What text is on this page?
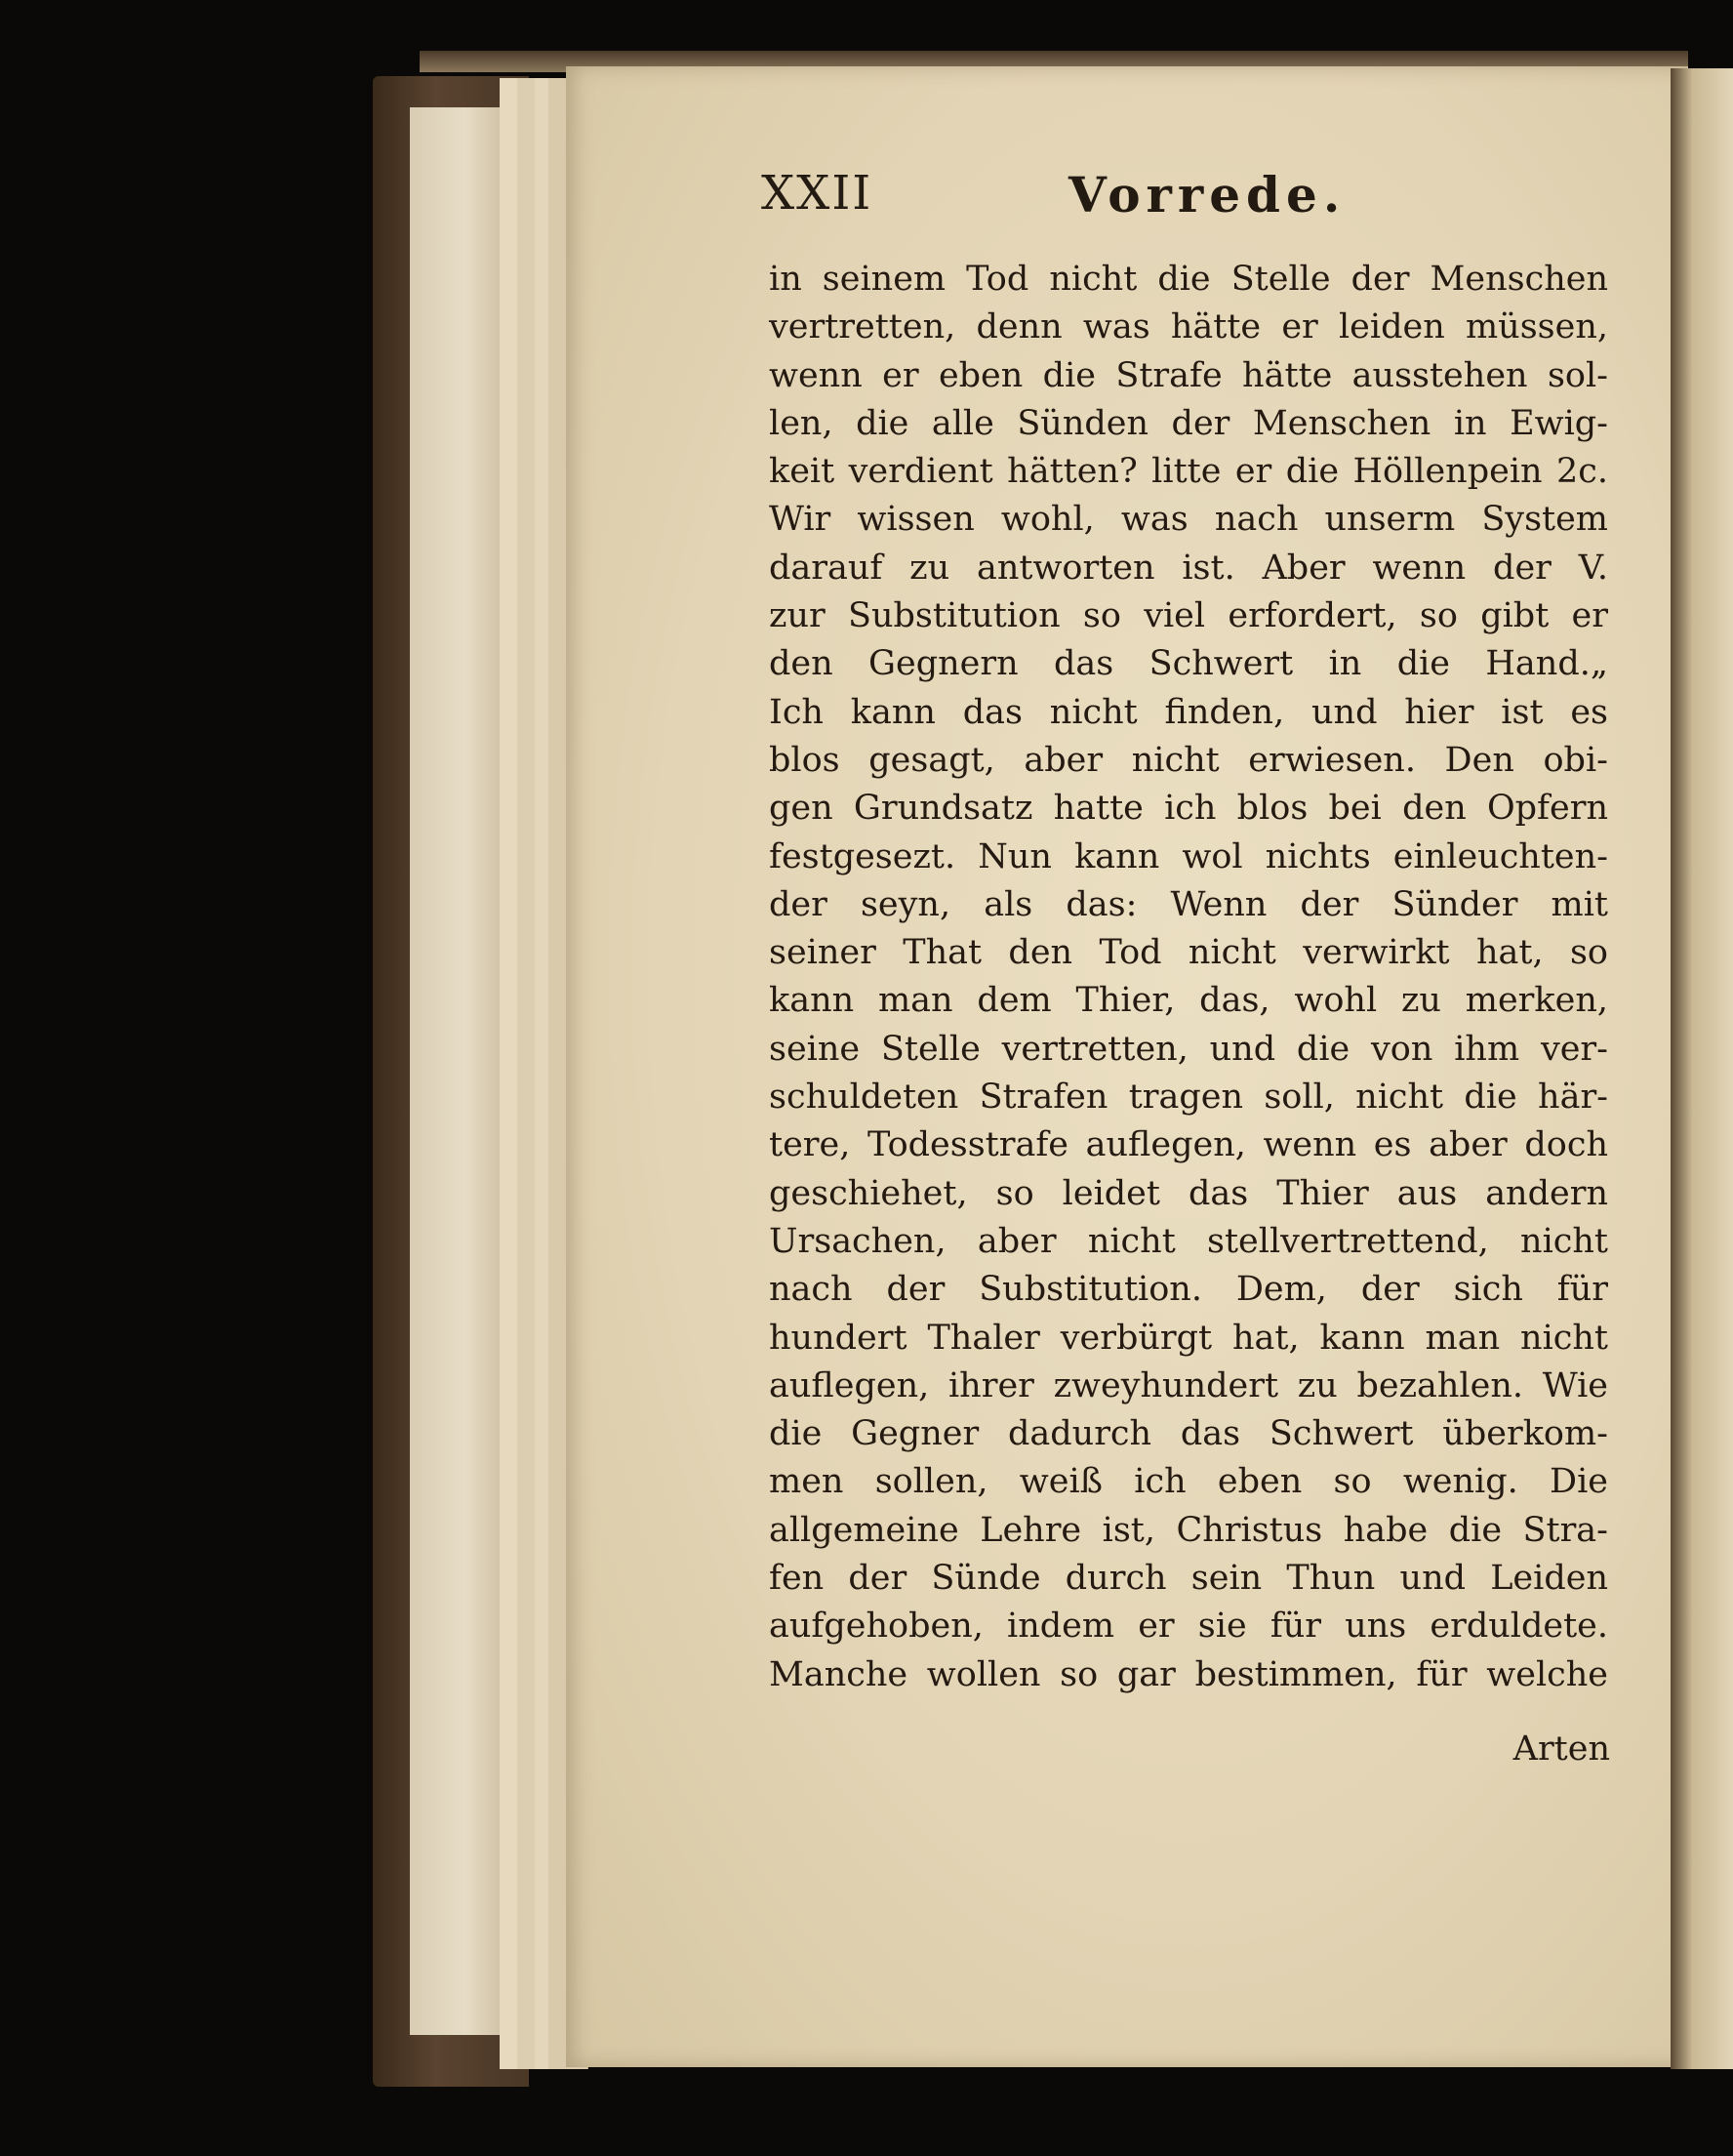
XXII	Vorrede.
in seinem Tod nicht die Stelle der Menschen
vertretten, denn was hätte er leiden müssen,
wenn er eben die Strafe hätte ausstehen sol-
len, die alle Sünden der Menschen in Ewig-
keit verdient hätten? litte er die Höllenpein 2c.
Wir wissen wohl, was nach unserm System
darauf zu antworten ist. Aber wenn der V.
zur Substitution so viel erfordert, so gibt er
den Gegnern das Schwert in die Hand.„
Ich kann das nicht finden, und hier ist es
blos gesagt, aber nicht erwiesen. Den obi-
gen Grundsatz hatte ich blos bei den Opfern
festgesezt. Nun kann wol nichts einleuchten-
der seyn, als das: Wenn der Sünder mit
seiner That den Tod nicht verwirkt hat, so
kann man dem Thier, das, wohl zu merken,
seine Stelle vertretten, und die von ihm ver-
schuldeten Strafen tragen soll, nicht die här-
tere, Todesstrafe auflegen, wenn es aber doch
geschiehet, so leidet das Thier aus andern
Ursachen, aber nicht stellvertrettend, nicht
nach der Substitution. Dem, der sich für
hundert Thaler verbürgt hat, kann man nicht
auflegen, ihrer zweyhundert zu bezahlen. Wie
die Gegner dadurch das Schwert überkom-
men sollen, weiß ich eben so wenig. Die
allgemeine Lehre ist, Christus habe die Stra-
fen der Sünde durch sein Thun und Leiden
aufgehoben, indem er sie für uns erduldete.
Manche wollen so gar bestimmen, für welche
Arten
